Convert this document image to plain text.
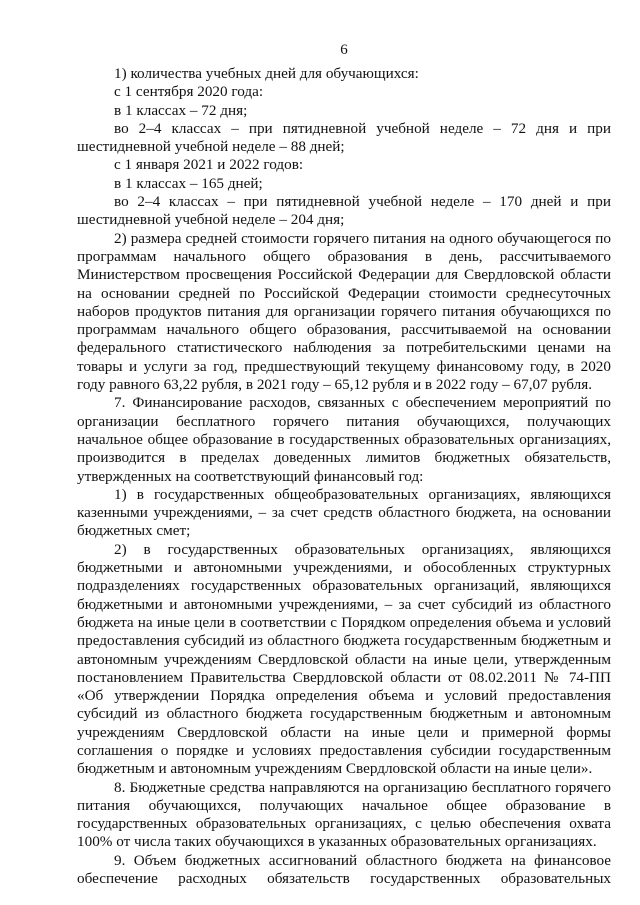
6

1) количества учебных дней для обучающихся:

с 1 сентября 2020 года:

в 1 классах – 72 дня;

во 2–4 классах – при пятидневной учебной неделе – 72 дня и при шестидневной учебной неделе – 88 дней;

с 1 января 2021 и 2022 годов:

в 1 классах – 165 дней;

во 2–4 классах – при пятидневной учебной неделе – 170 дней и при шестидневной учебной неделе – 204 дня;

2) размера средней стоимости горячего питания на одного обучающегося по программам начального общего образования в день, рассчитываемого Министерством просвещения Российской Федерации для Свердловской области на основании средней по Российской Федерации стоимости среднесуточных наборов продуктов питания для организации горячего питания обучающихся по программам начального общего образования, рассчитываемой на основании федерального статистического наблюдения за потребительскими ценами на товары и услуги за год, предшествующий текущему финансовому году, в 2020 году равного 63,22 рубля, в 2021 году – 65,12 рубля и в 2022 году – 67,07 рубля.

7. Финансирование расходов, связанных с обеспечением мероприятий по организации бесплатного горячего питания обучающихся, получающих начальное общее образование в государственных образовательных организациях, производится в пределах доведенных лимитов бюджетных обязательств, утвержденных на соответствующий финансовый год:

1) в государственных общеобразовательных организациях, являющихся казенными учреждениями, – за счет средств областного бюджета, на основании бюджетных смет;

2) в государственных образовательных организациях, являющихся бюджетными и автономными учреждениями, и обособленных структурных подразделениях государственных образовательных организаций, являющихся бюджетными и автономными учреждениями, – за счет субсидий из областного бюджета на иные цели в соответствии с Порядком определения объема и условий предоставления субсидий из областного бюджета государственным бюджетным и автономным учреждениям Свердловской области на иные цели, утвержденным постановлением Правительства Свердловской области от 08.02.2011 № 74-ПП «Об утверждении Порядка определения объема и условий предоставления субсидий из областного бюджета государственным бюджетным и автономным учреждениям Свердловской области на иные цели и примерной формы соглашения о порядке и условиях предоставления субсидии государственным бюджетным и автономным учреждениям Свердловской области на иные цели».

8. Бюджетные средства направляются на организацию бесплатного горячего питания обучающихся, получающих начальное общее образование в государственных образовательных организациях, с целью обеспечения охвата 100% от числа таких обучающихся в указанных образовательных организациях.

9. Объем бюджетных ассигнований областного бюджета на финансовое обеспечение расходных обязательств государственных образовательных
